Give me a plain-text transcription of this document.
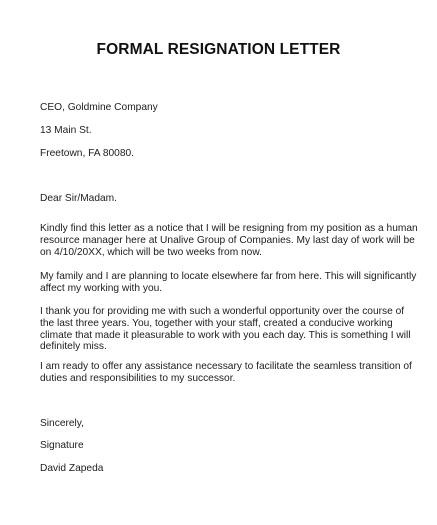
FORMAL RESIGNATION LETTER
CEO, Goldmine Company
13 Main St.
Freetown, FA 80080.
Dear Sir/Madam.
Kindly find this letter as a notice that I will be resigning from my position as a human resource manager here at Unalive Group of Companies. My last day of work will be on 4/10/20XX, which will be two weeks from now.
My family and I are planning to locate elsewhere far from here. This will significantly affect my working with you.
I thank you for providing me with such a wonderful opportunity over the course of the last three years. You, together with your staff, created a conducive working climate that made it pleasurable to work with you each day. This is something I will definitely miss.
I am ready to offer any assistance necessary to facilitate the seamless transition of duties and responsibilities to my successor.
Sincerely,
Signature
David Zapeda
